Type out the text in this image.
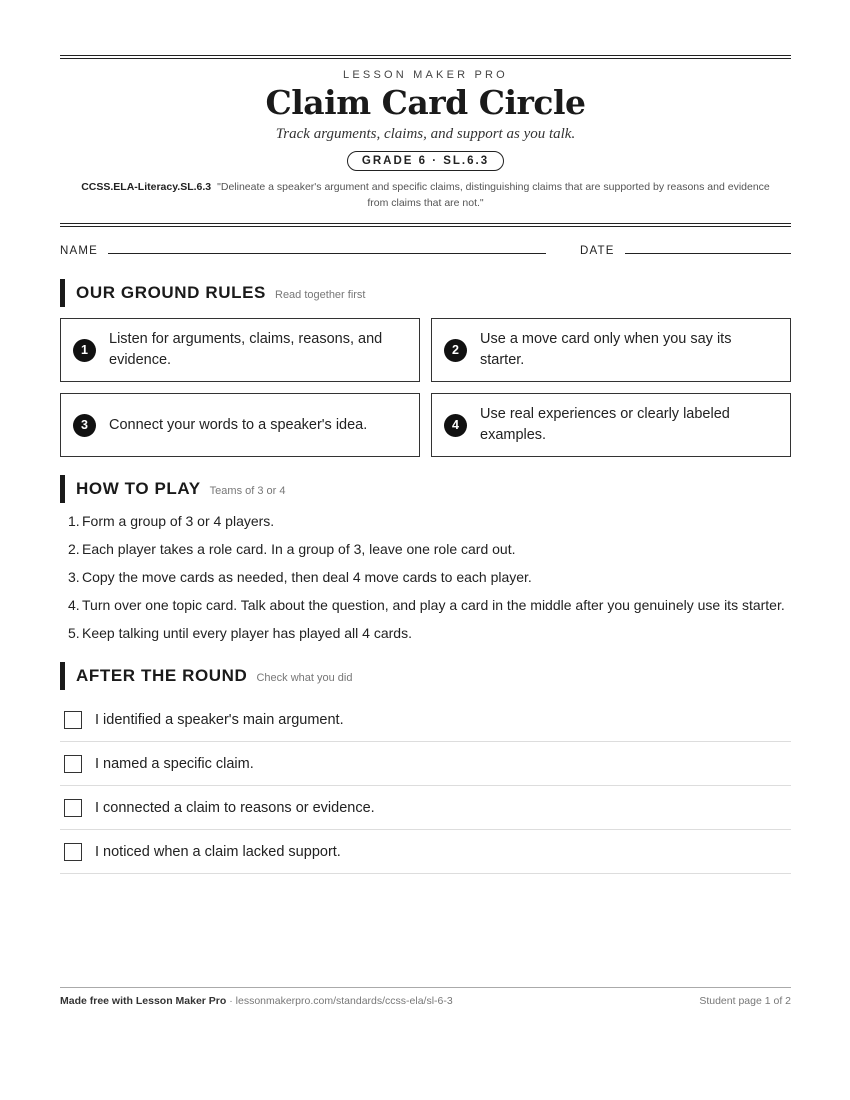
LESSON MAKER PRO
Claim Card Circle
Track arguments, claims, and support as you talk.
GRADE 6 · SL.6.3
CCSS.ELA-Literacy.SL.6.3 "Delineate a speaker's argument and specific claims, distinguishing claims that are supported by reasons and evidence from claims that are not."
NAME	DATE
OUR GROUND RULES Read together first
1
Listen for arguments, claims, reasons, and evidence.
2
Use a move card only when you say its starter.
3	Connect your words to a speaker's idea.	4
Use real experiences or clearly labeled examples.
HOW TO PLAY Teams of 3 or 4
1. Form a group of 3 or 4 players.
2. Each player takes a role card. In a group of 3, leave one role card out.
3. Copy the move cards as needed, then deal 4 move cards to each player.
4. Turn over one topic card. Talk about the question, and play a card in the middle after you genuinely use its starter.
5. Keep talking until every player has played all 4 cards.
AFTER THE ROUND Check what you did
I identified a speaker's main argument.
I named a specific claim.
I connected a claim to reasons or evidence.
I noticed when a claim lacked support.
Made free with Lesson Maker Pro · lessonmakerpro.com/standards/ccss-ela/sl-6-3	Student page 1 of 2
